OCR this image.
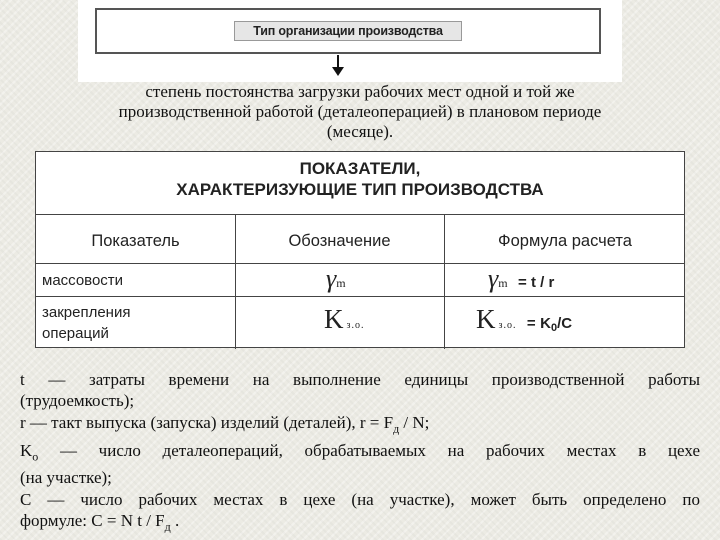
Тип организации производства
степень постоянства загрузки рабочих мест одной и той же
производственной работой (деталеоперацией) в плановом периоде
(месяце).
ПОКАЗАТЕЛИ,
ХАРАКТЕРИЗУЮЩИЕ ТИП ПРОИЗВОДСТВА
Показатель	Обозначение	Формула расчета
массовости	γm	γm = t / r
закрепления
операций	Kз.о.	Kз.о. = K0/С

t — затраты времени на выполнение единицы производственной работы

(трудоемкость);

r — такт выпуска (запуска) изделий (деталей), $r = F_д / N$;

$K_о$ — число деталеопераций, обрабатываемых на рабочих местах в цехе

(на участке);

С — число рабочих местах в цехе (на участке), может быть определено по

формуле: С = N t / $F_д$ .
